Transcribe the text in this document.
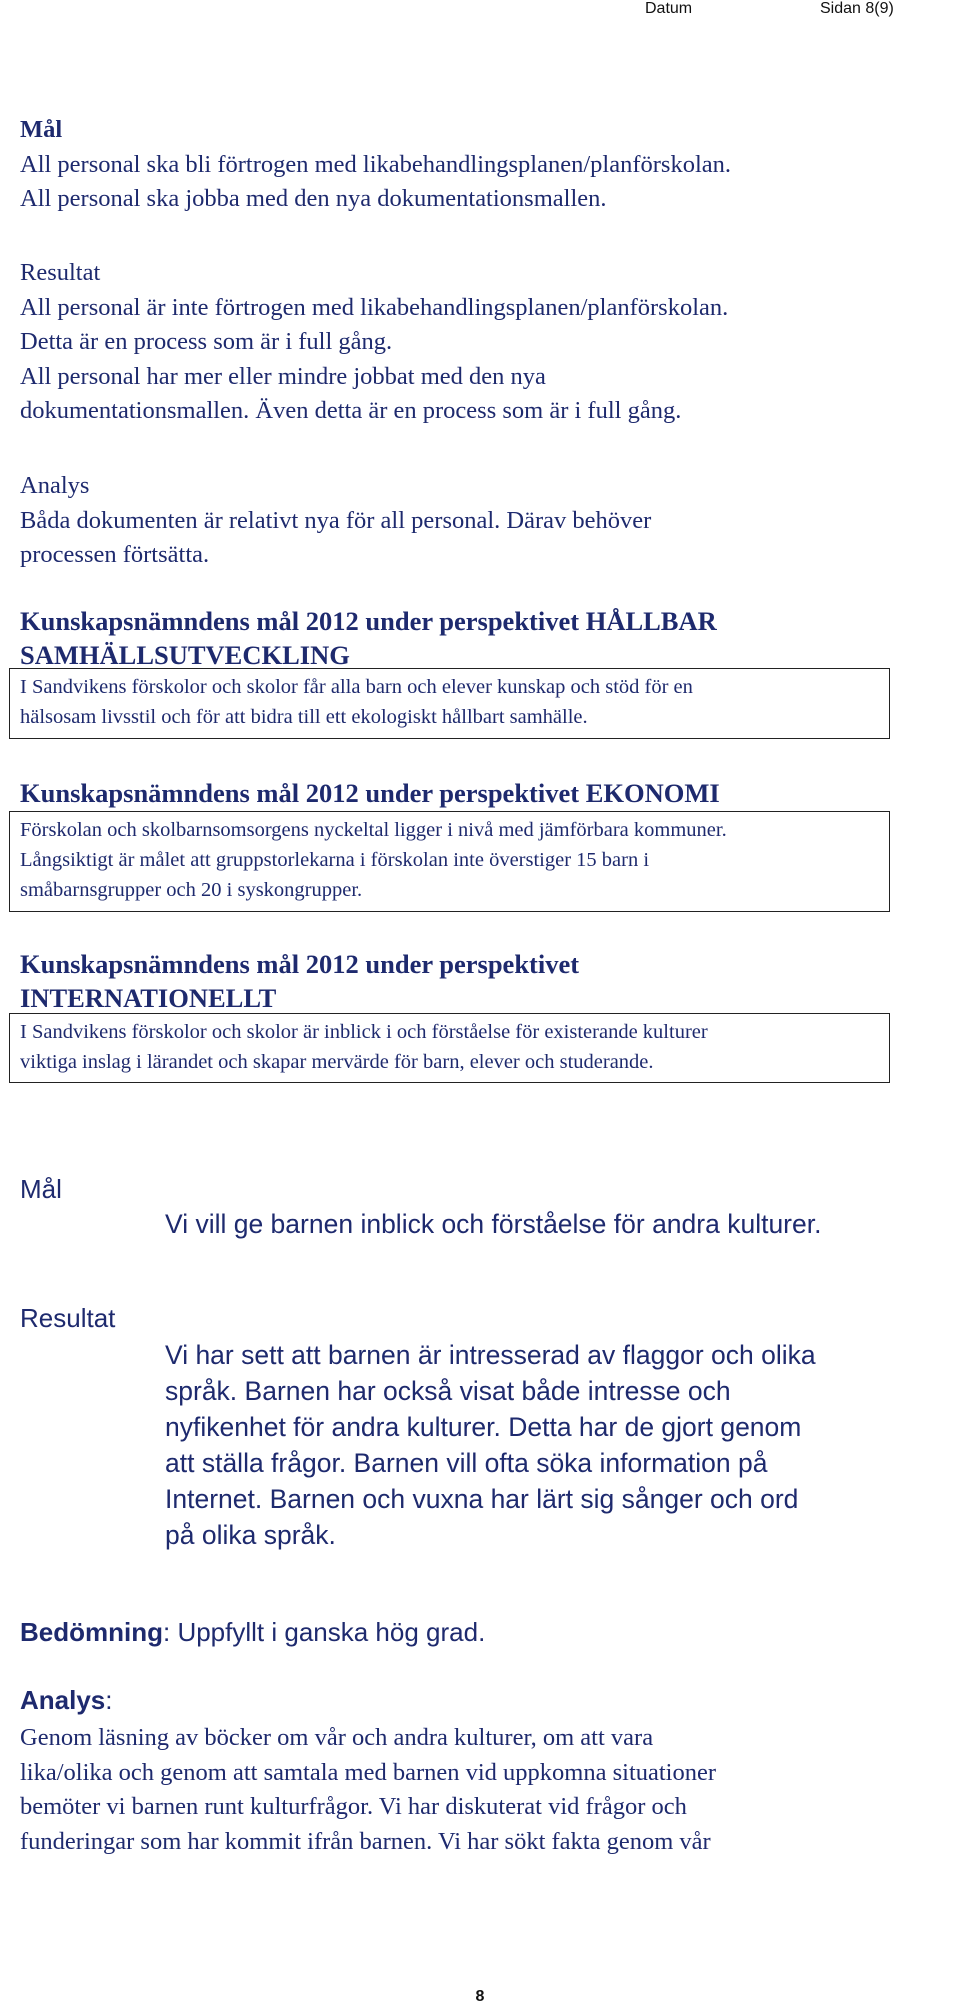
Datum	Sidan 8(9)
Mål
All personal ska bli förtrogen med likabehandlingsplanen/planförskolan.
All personal ska jobba med den nya dokumentationsmallen.
Resultat
All personal är inte förtrogen med likabehandlingsplanen/planförskolan.
Detta är en process som är i full gång.
All personal har mer eller mindre jobbat med den nya
dokumentationsmallen. Även detta är en process som är i full gång.
Analys
Båda dokumenten är relativt nya för all personal. Därav behöver
processen förtsätta.
Kunskapsnämndens mål 2012 under perspektivet HÅLLBAR
SAMHÄLLSUTVECKLING
I Sandvikens förskolor och skolor får alla barn och elever kunskap och stöd för en
hälsosam livsstil och för att bidra till ett ekologiskt hållbart samhälle.
Kunskapsnämndens mål 2012 under perspektivet EKONOMI
Förskolan och skolbarnsomsorgens nyckeltal ligger i nivå med jämförbara kommuner.
Långsiktigt är målet att gruppstorlekarna i förskolan inte överstiger 15 barn i
småbarnsgrupper och 20 i syskongrupper.
Kunskapsnämndens mål 2012 under perspektivet
INTERNATIONELLT
I Sandvikens förskolor och skolor är inblick i och förståelse för existerande kulturer
viktiga inslag i lärandet och skapar mervärde för barn, elever och studerande.
Mål
Vi vill ge barnen inblick och förståelse för andra kulturer.
Resultat
Vi har sett att barnen är intresserad av flaggor och olika
språk. Barnen har också visat både intresse och
nyfikenhet för andra kulturer. Detta har de gjort genom
att ställa frågor. Barnen vill ofta söka information på
Internet. Barnen och vuxna har lärt sig sånger och ord
på olika språk.
Bedömning: Uppfyllt i ganska hög grad.
Analys:
Genom läsning av böcker om vår och andra kulturer, om att vara
lika/olika och genom att samtala med barnen vid uppkomna situationer
bemöter vi barnen runt kulturfrågor. Vi har diskuterat vid frågor och
funderingar som har kommit ifrån barnen. Vi har sökt fakta genom vår
8
